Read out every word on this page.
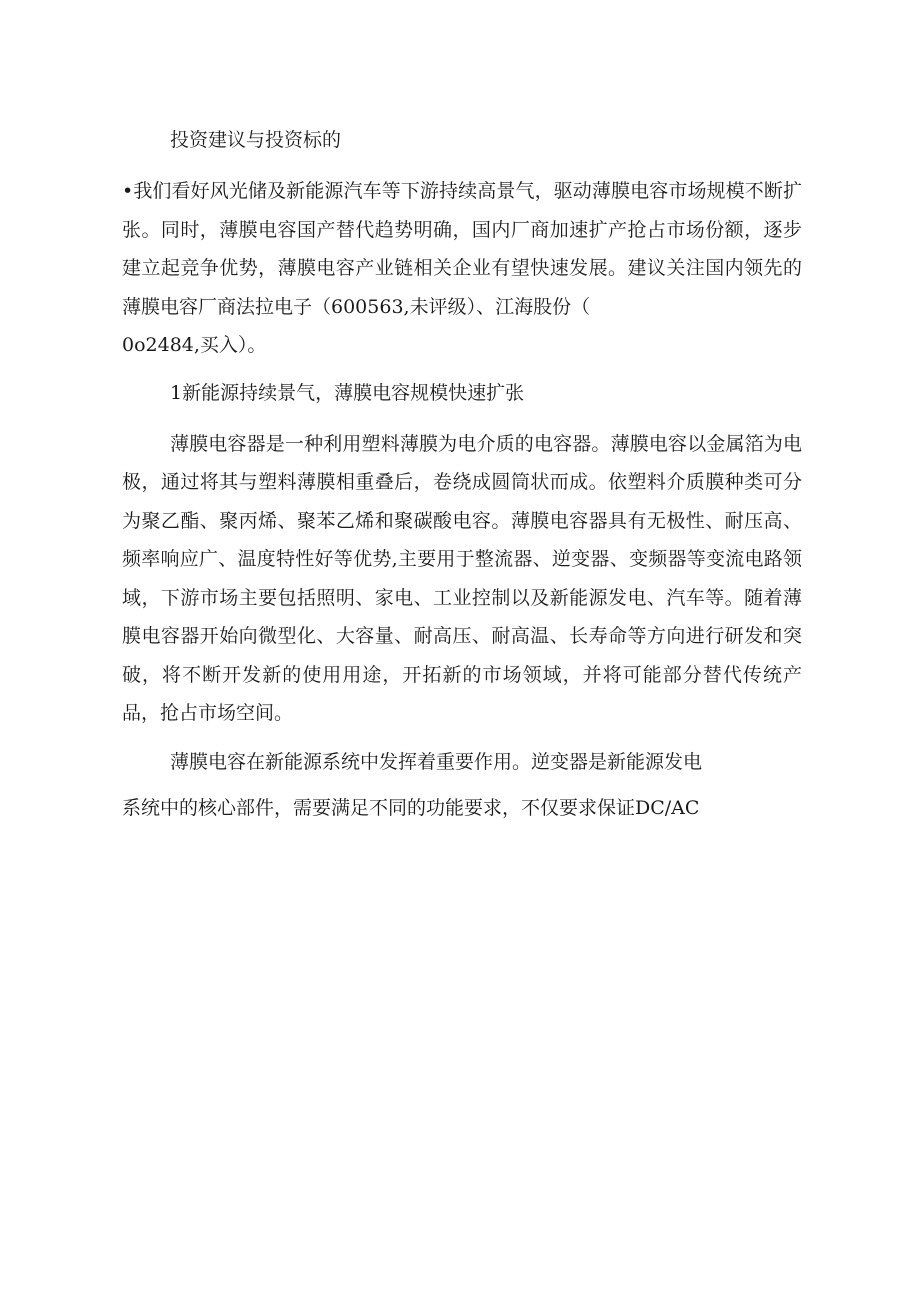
投资建议与投资标的

•我们看好风光储及新能源汽车等下游持续高景气，驱动薄膜电容市场规模不断扩张。同时，薄膜电容国产替代趋势明确，国内厂商加速扩产抢占市场份额，逐步建立起竞争优势，薄膜电容产业链相关企业有望快速发展。建议关注国内领先的薄膜电容厂商法拉电子（600563,未评级）、江海股份（
0o2484,买入）。

1新能源持续景气，薄膜电容规模快速扩张

薄膜电容器是一种利用塑料薄膜为电介质的电容器。薄膜电容以金属箔为电极，通过将其与塑料薄膜相重叠后，卷绕成圆筒状而成。依塑料介质膜种类可分为聚乙酯、聚丙烯、聚苯乙烯和聚碳酸电容。薄膜电容器具有无极性、耐压高、频率响应广、温度特性好等优势,主要用于整流器、逆变器、变频器等变流电路领域，下游市场主要包括照明、家电、工业控制以及新能源发电、汽车等。随着薄膜电容器开始向微型化、大容量、耐高压、耐高温、长寿命等方向进行研发和突破，将不断开发新的使用用途，开拓新的市场领域，并将可能部分替代传统产品，抢占市场空间。

薄膜电容在新能源系统中发挥着重要作用。逆变器是新能源发电

系统中的核心部件，需要满足不同的功能要求，不仅要求保证DC/AC
